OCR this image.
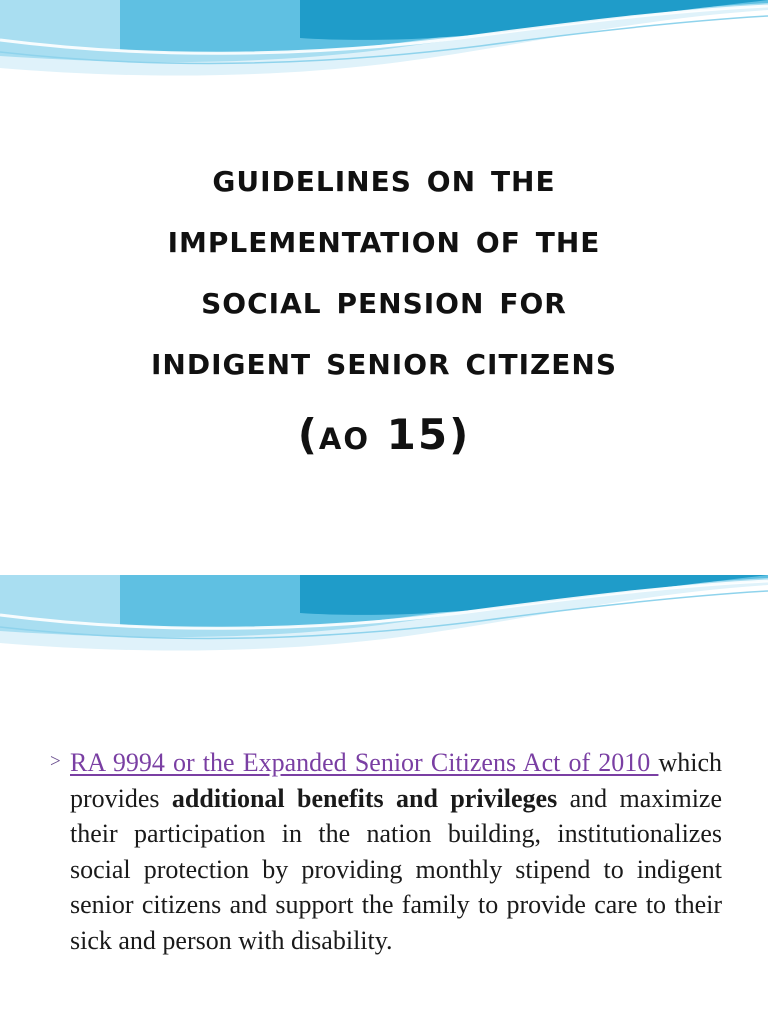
guidelines on the
implementation of the
social pension for
indigent senior citizens
(ao 15)
> RA 9994 or the Expanded Senior Citizens Act of 2010 which provides additional benefits and privileges and maximize their participation in the nation building, institutionalizes social protection by providing monthly stipend to indigent senior citizens and support the family to provide care to their sick and person with disability.
